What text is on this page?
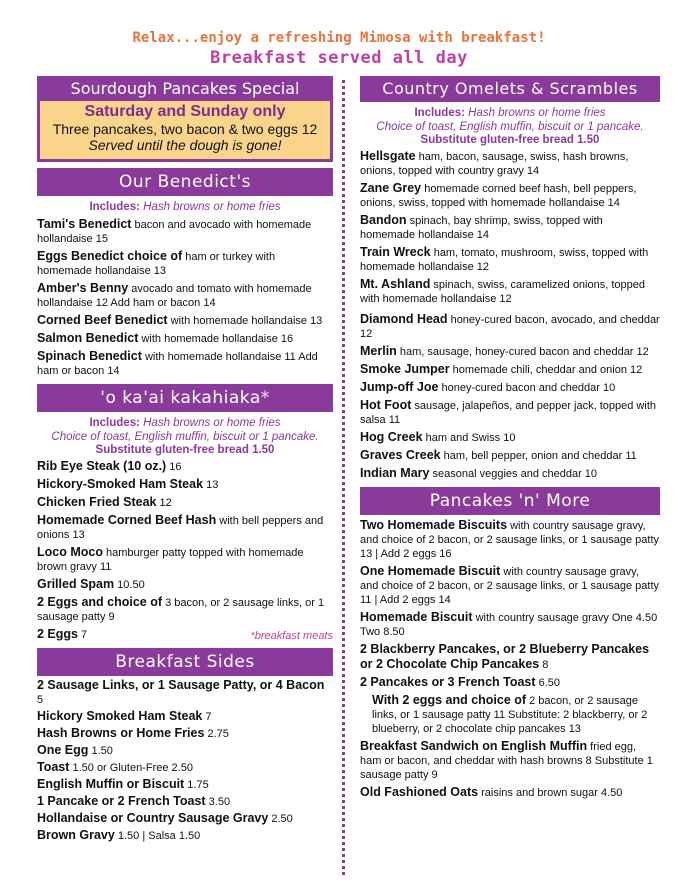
Relax...enjoy a refreshing Mimosa with breakfast!
Breakfast served all day
Sourdough Pancakes Special
Saturday and Sunday only
Three pancakes, two bacon & two eggs 12
Served until the dough is gone!
Our Benedict's
Includes: Hash browns or home fries
Tami's Benedict bacon and avocado with homemade hollandaise 15
Eggs Benedict choice of ham or turkey with homemade hollandaise 13
Amber's Benny avocado and tomato with homemade hollandaise 12 Add ham or bacon 14
Corned Beef Benedict with homemade hollandaise 13
Salmon Benedict with homemade hollandaise 16
Spinach Benedict with homemade hollandaise 11 Add ham or bacon 14
'o ka'ai kakahiaka*
Includes: Hash browns or home fries
Choice of toast, English muffin, biscuit or 1 pancake.
Substitute gluten-free bread 1.50
Rib Eye Steak (10 oz.) 16
Hickory-Smoked Ham Steak 13
Chicken Fried Steak 12
Homemade Corned Beef Hash with bell peppers and onions 13
Loco Moco hamburger patty topped with homemade brown gravy 11
Grilled Spam 10.50
2 Eggs and choice of 3 bacon, or 2 sausage links, or 1 sausage patty 9
2 Eggs 7	*breakfast meats
Breakfast Sides
2 Sausage Links, or 1 Sausage Patty, or 4 Bacon 5
Hickory Smoked Ham Steak 7
Hash Browns or Home Fries 2.75
One Egg 1.50
Toast 1.50 or Gluten-Free 2.50
English Muffin or Biscuit 1.75
1 Pancake or 2 French Toast 3.50
Hollandaise or Country Sausage Gravy 2.50
Brown Gravy 1.50 | Salsa 1.50
Country Omelets & Scrambles
Includes: Hash browns or home fries
Choice of toast, English muffin, biscuit or 1 pancake.
Substitute gluten-free bread 1.50
Hellsgate ham, bacon, sausage, swiss, hash browns, onions, topped with country gravy 14
Zane Grey homemade corned beef hash, bell peppers, onions, swiss, topped with homemade hollandaise 14
Bandon spinach, bay shrimp, swiss, topped with homemade hollandaise 14
Train Wreck ham, tomato, mushroom, swiss, topped with homemade hollandaise 12
Mt. Ashland spinach, swiss, caramelized onions, topped with homemade hollandaise 12
Diamond Head honey-cured bacon, avocado, and cheddar 12
Merlin ham, sausage, honey-cured bacon and cheddar 12
Smoke Jumper homemade chili, cheddar and onion 12
Jump-off Joe honey-cured bacon and cheddar 10
Hot Foot sausage, jalapeños, and pepper jack, topped with salsa 11
Hog Creek ham and Swiss 10
Graves Creek ham, bell pepper, onion and cheddar 11
Indian Mary seasonal veggies and cheddar 10
Pancakes 'n' More
Two Homemade Biscuits with country sausage gravy, and choice of 2 bacon, or 2 sausage links, or 1 sausage patty 13 | Add 2 eggs 16
One Homemade Biscuit with country sausage gravy, and choice of 2 bacon, or 2 sausage links, or 1 sausage patty 11 | Add 2 eggs 14
Homemade Biscuit with country sausage gravy One 4.50 Two 8.50
2 Blackberry Pancakes, or 2 Blueberry Pancakes or 2 Chocolate Chip Pancakes 8
2 Pancakes or 3 French Toast 6.50
With 2 eggs and choice of 2 bacon, or 2 sausage links, or 1 sausage patty 11 Substitute: 2 blackberry, or 2 blueberry, or 2 chocolate chip pancakes 13
Breakfast Sandwich on English Muffin fried egg, ham or bacon, and cheddar with hash browns 8 Substitute 1 sausage patty 9
Old Fashioned Oats raisins and brown sugar 4.50
